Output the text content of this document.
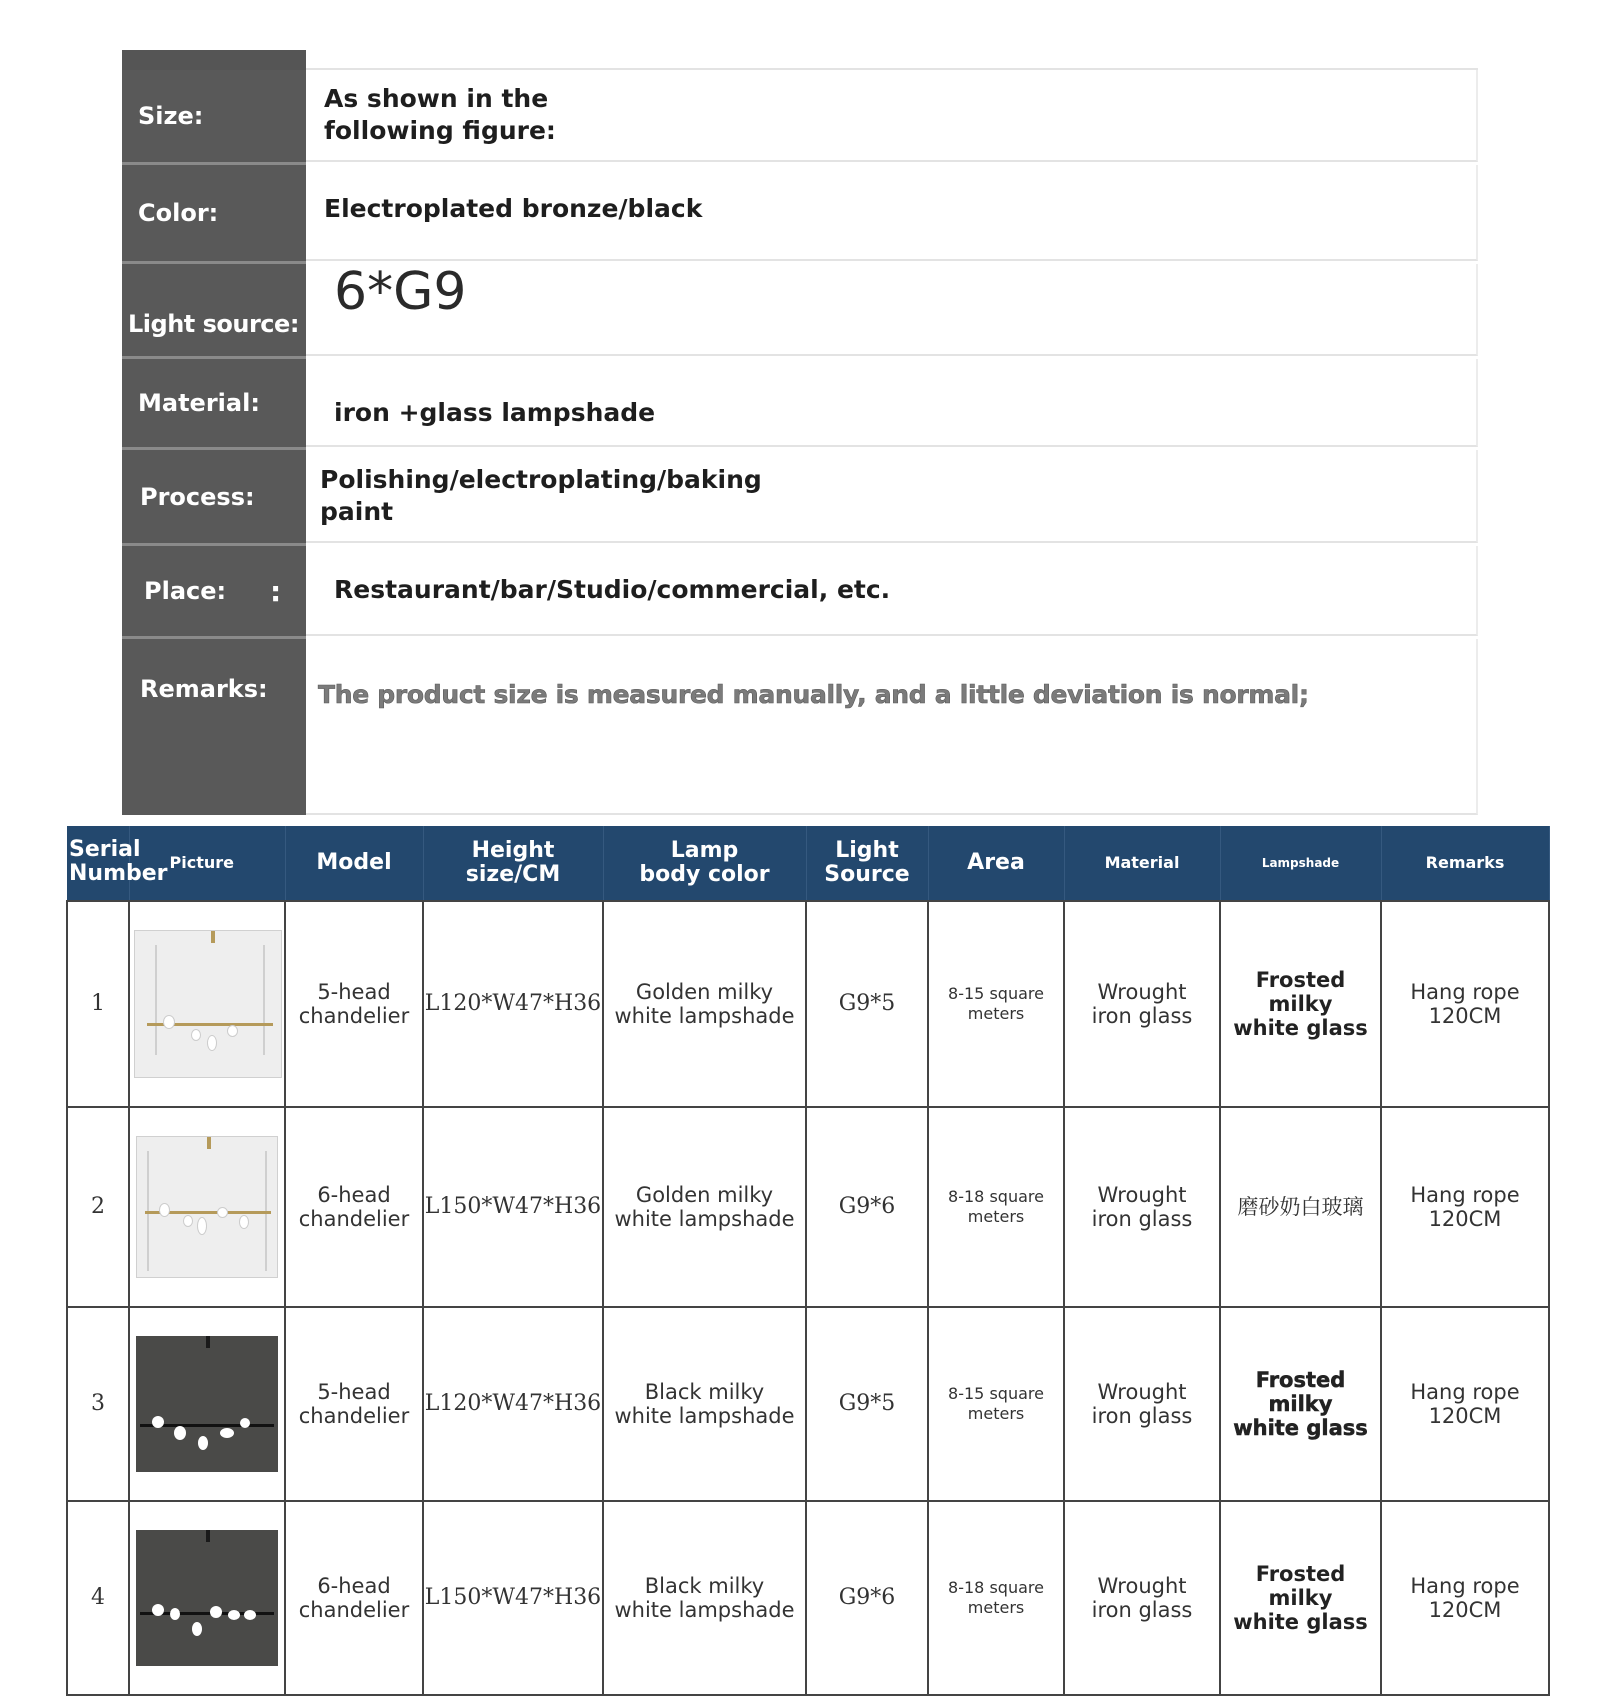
Size:
As shown in the
following figure:
Color:	Electroplated bronze/black
Light source:
6*G9
Material:	iron +glass lampshade
Process:
Polishing/electroplating/baking
paint
Place: :	Restaurant/bar/Studio/commercial, etc.
Remarks:	The product size is measured manually, and a little deviation is normal;
Serial
Number	Picture	Model	Height size/CM	Lamp
body color	Light
Source	Area	Material	Lampshade	Remarks
1		5-head
chandelier	L120*W47*H36	Golden milky
white lampshade	G9*5	8-15 square
meters	Wrought
iron glass	Frosted milky
white glass	Hang rope
120CM
2		6-head
chandelier	L150*W47*H36	Golden milky
white lampshade	G9*6	8-18 square
meters	Wrought
iron glass	磨砂奶白玻璃	Hang rope
120CM
3		5-head
chandelier	L120*W47*H36	Black milky
white lampshade	G9*5	8-15 square
meters	Wrought
iron glass	Frosted milky
white glass	Hang rope
120CM
4		6-head
chandelier	L150*W47*H36	Black milky
white lampshade	G9*6	8-18 square
meters	Wrought
iron glass	Frosted milky
white glass	Hang rope
120CM
